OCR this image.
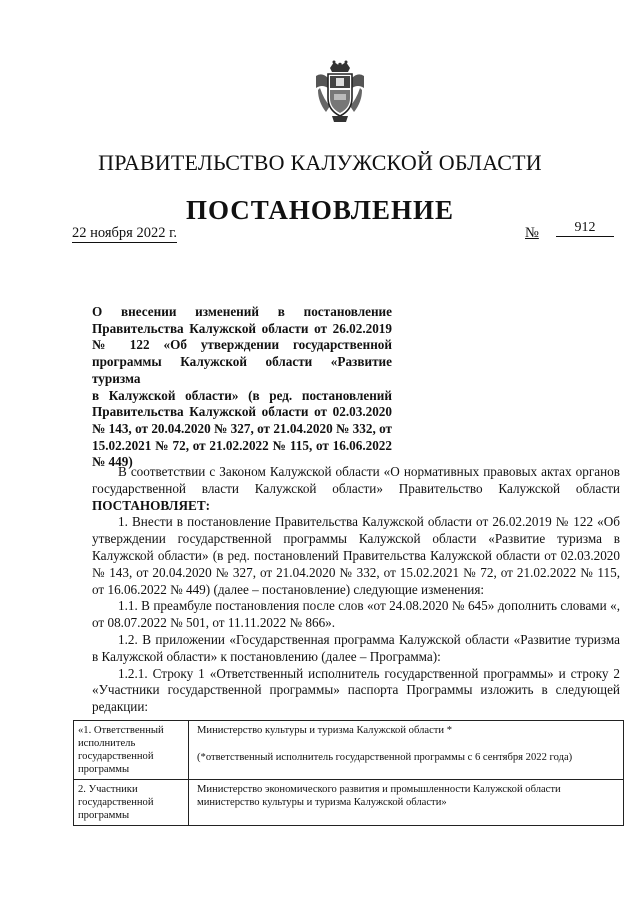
ПРАВИТЕЛЬСТВО КАЛУЖСКОЙ ОБЛАСТИ
ПОСТАНОВЛЕНИЕ
22 ноября 2022 г.	№	912
О внесении изменений в постановление
Правительства Калужской области от 26.02.2019
№ 122 «Об утверждении государственной
программы Калужской области «Развитие туризма
в Калужской области» (в ред. постановлений
Правительства Калужской области от 02.03.2020
№ 143, от 20.04.2020 № 327, от 21.04.2020 № 332, от
15.02.2021 № 72, от 21.02.2022 № 115, от 16.06.2022
№ 449)

В соответствии с Законом Калужской области «О нормативных правовых актах органов государственной власти Калужской области» Правительство Калужской области ПОСТАНОВЛЯЕТ:

1. Внести в постановление Правительства Калужской области от 26.02.2019 № 122 «Об утверждении государственной программы Калужской области «Развитие туризма в Калужской области» (в ред. постановлений Правительства Калужской области от 02.03.2020 № 143, от 20.04.2020 № 327, от 21.04.2020 № 332, от 15.02.2021 № 72, от 21.02.2022 № 115, от 16.06.2022 № 449) (далее – постановление) следующие изменения:

1.1. В преамбуле постановления после слов «от 24.08.2020 № 645» дополнить словами «, от 08.07.2022 № 501, от 11.11.2022 № 866».

1.2. В приложении «Государственная программа Калужской области «Развитие туризма в Калужской области» к постановлению (далее – Программа):

1.2.1. Строку 1 «Ответственный исполнитель государственной программы» и строку 2 «Участники государственной программы» паспорта Программы изложить в следующей редакции:

«1. Ответственный исполнитель государственной программы	Министерство культуры и туризма Калужской области *
(*ответственный исполнитель государственной программы с 6 сентября 2022 года)

2. Участники государственной программы	Министерство экономического развития и промышленности Калужской области министерство культуры и туризма Калужской области»
